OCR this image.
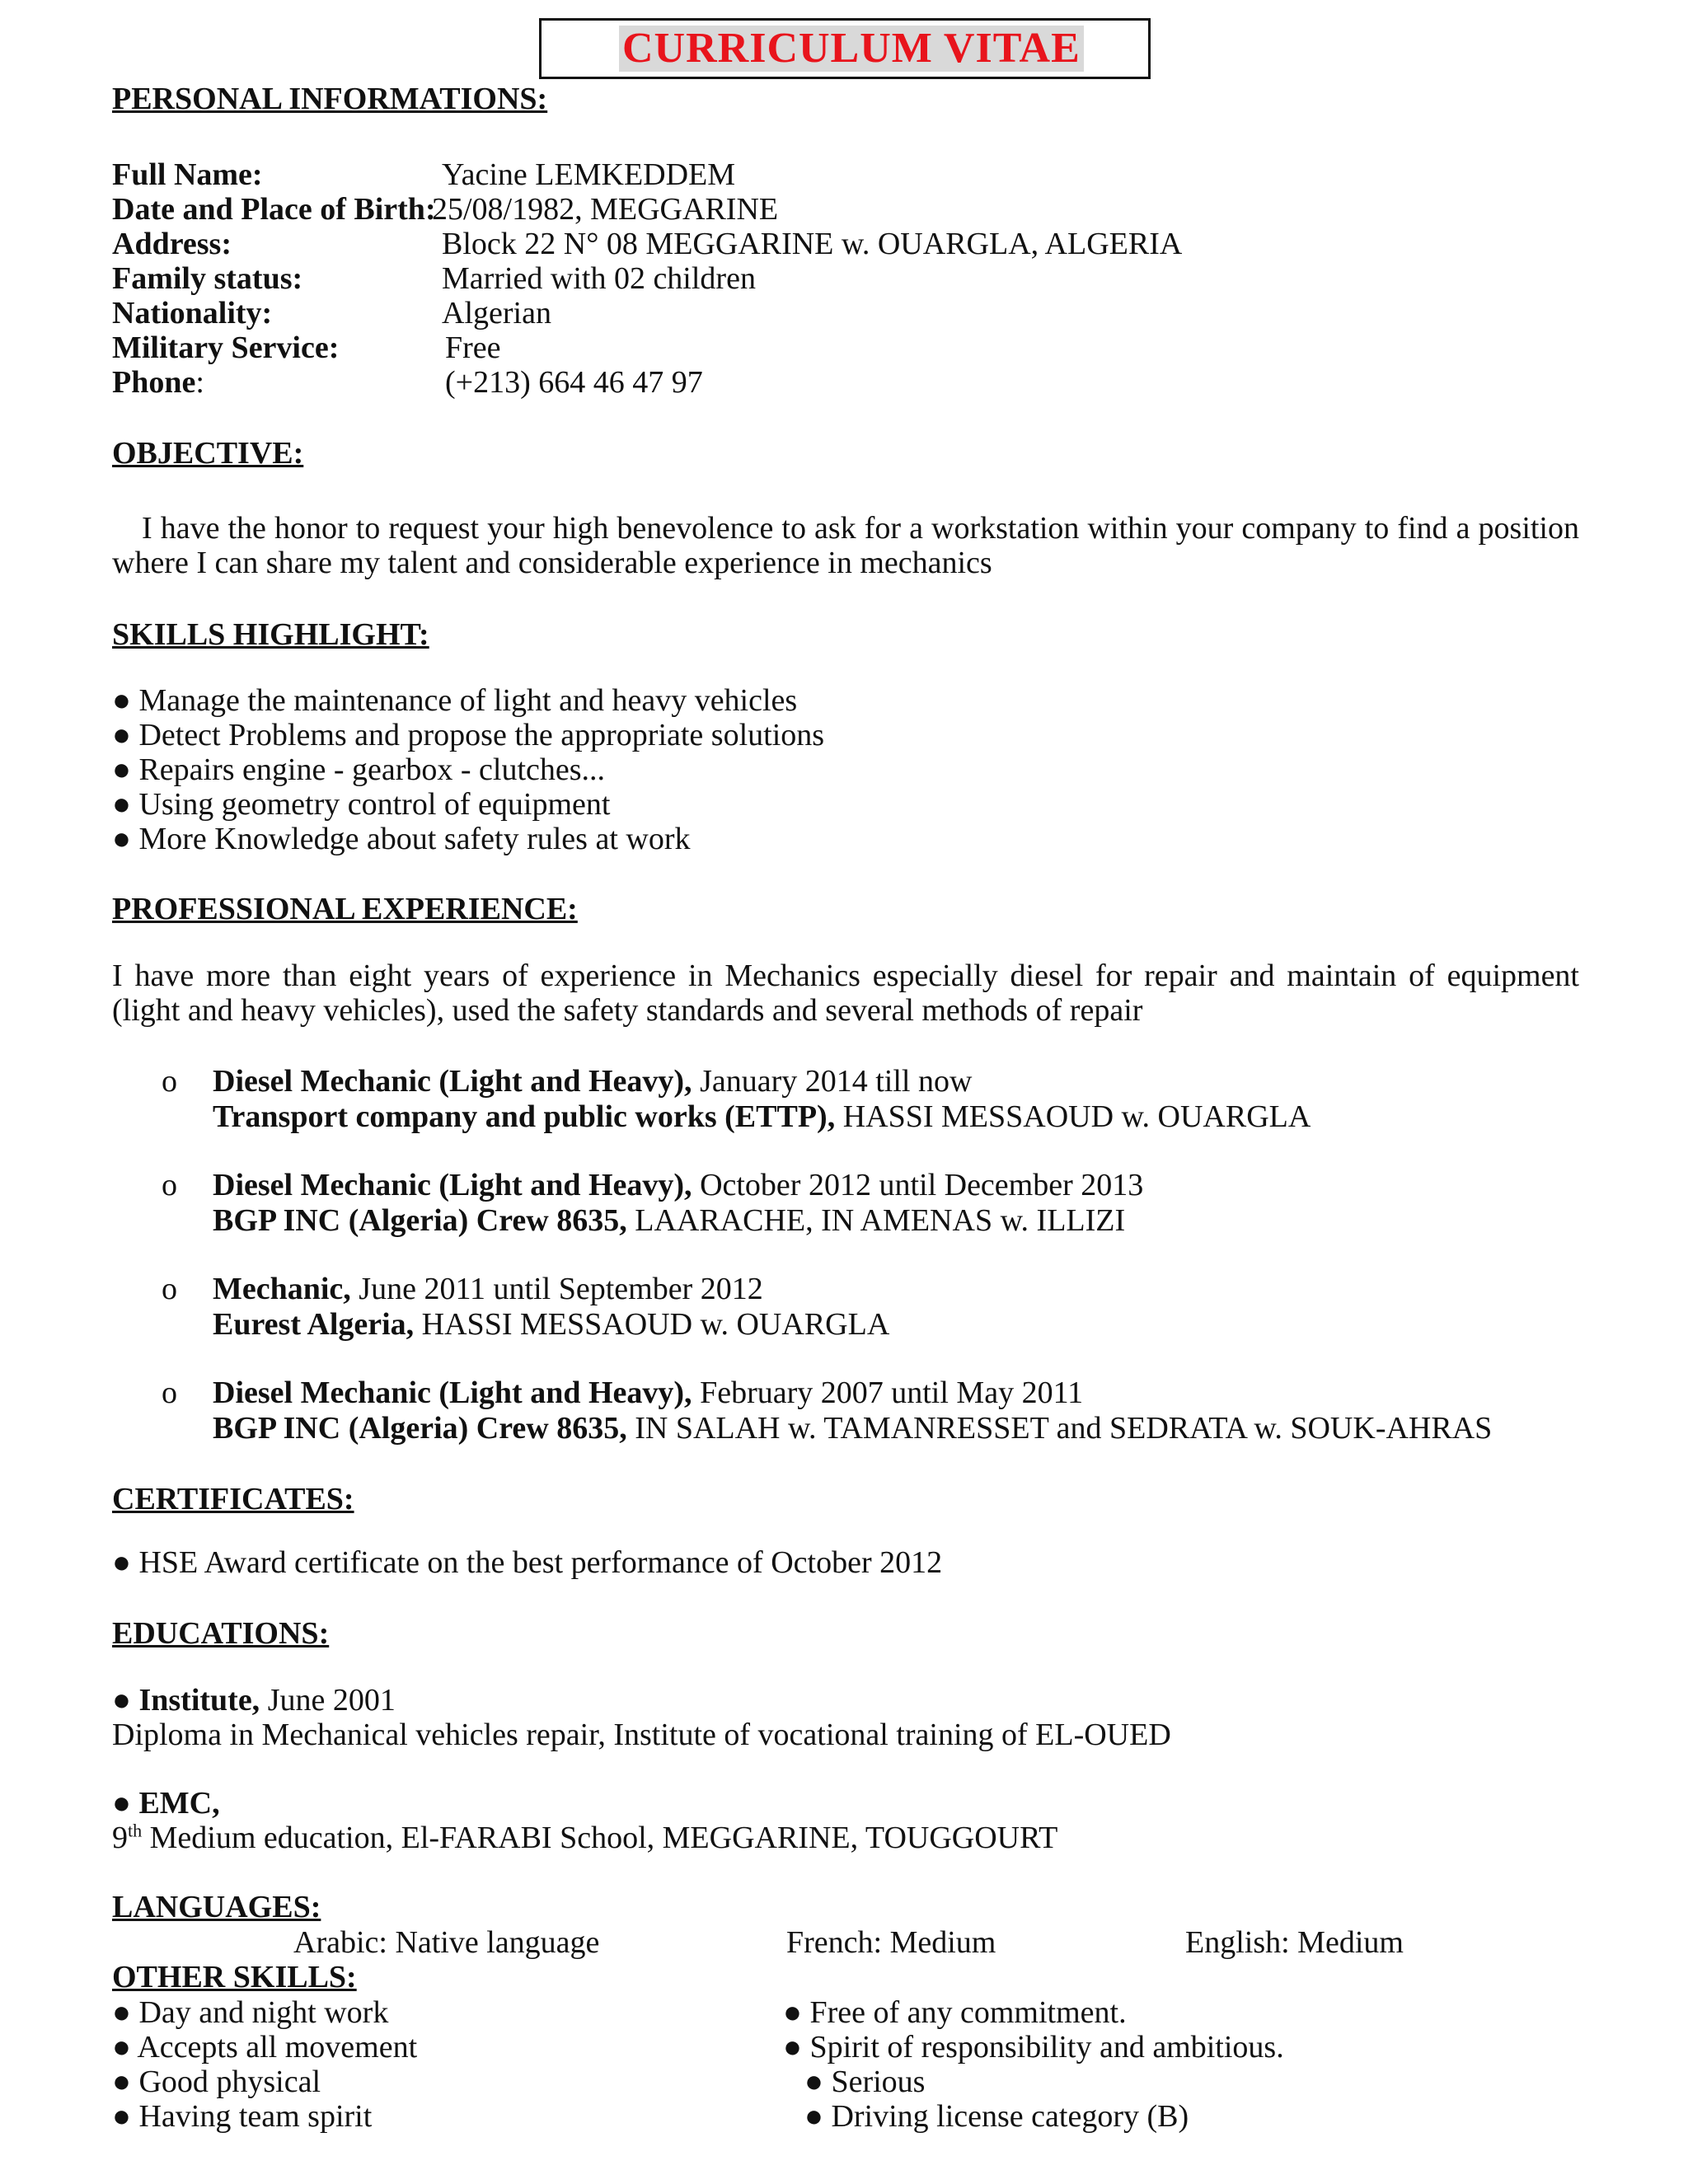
CURRICULUM VITAE
PERSONAL INFORMATIONS:
Full Name:	Yacine LEMKEDDEM
Date and Place of Birth:
25/08/1982, MEGGARINE
Address:	Block 22 N° 08 MEGGARINE w. OUARGLA, ALGERIA
Family status:	Married with 02 children
Nationality:	Algerian
Military Service:	Free
Phone:	(+213) 664 46 47 97
OBJECTIVE:
I have the honor to request your high benevolence to ask for a workstation within your company to find a position where I can share my talent and considerable experience in mechanics
SKILLS HIGHLIGHT:
● Manage the maintenance of light and heavy vehicles
● Detect Problems and propose the appropriate solutions
● Repairs engine - gearbox - clutches...
● Using geometry control of equipment
● More Knowledge about safety rules at work
PROFESSIONAL EXPERIENCE:
I have more than eight years of experience in Mechanics especially diesel for repair and maintain of equipment (light and heavy vehicles), used the safety standards and several methods of repair
o Diesel Mechanic (Light and Heavy), January 2014 till now
Transport company and public works (ETTP), HASSI MESSAOUD w. OUARGLA
o Diesel Mechanic (Light and Heavy), October 2012 until December 2013
BGP INC (Algeria) Crew 8635, LAARACHE, IN AMENAS w. ILLIZI
o Mechanic, June 2011 until September 2012
Eurest Algeria, HASSI MESSAOUD w. OUARGLA
o Diesel Mechanic (Light and Heavy), February 2007 until May 2011
BGP INC (Algeria) Crew 8635, IN SALAH w. TAMANRESSET and SEDRATA w. SOUK-AHRAS
CERTIFICATES:
● HSE Award certificate on the best performance of October 2012
EDUCATIONS:
● Institute, June 2001
Diploma in Mechanical vehicles repair, Institute of vocational training of EL-OUED
● EMC,
9th Medium education, El-FARABI School, MEGGARINE, TOUGGOURT
LANGUAGES:
Arabic: Native language	French: Medium	English: Medium
OTHER SKILLS:
● Day and night work
● Accepts all movement
● Good physical
● Having team spirit
● Free of any commitment.
● Spirit of responsibility and ambitious.
● Serious
● Driving license category (B)
